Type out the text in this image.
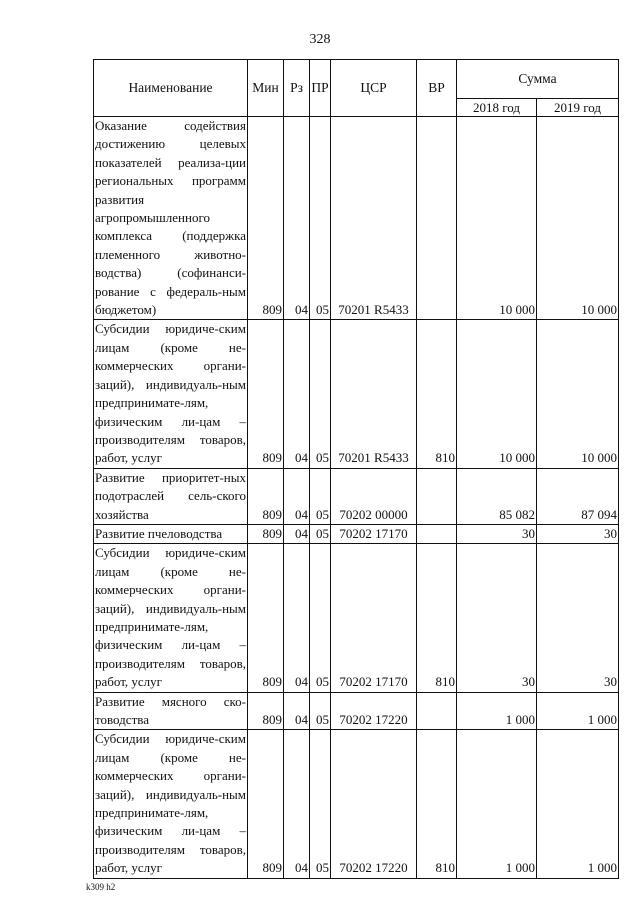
328
Наименование	Мин	Рз	ПР	ЦСР	ВР	Сумма	
						2018 год	2019 год
Оказание содействия достижению целевых показателей реализа-ции региональных программ развития агропромышленного комплекса (поддержка племенного животно-водства) (софинанси-рование с федераль-ным бюджетом)	809	04	05	70201 R5433		10 000	10 000
Субсидии юридиче-ским лицам (кроме не-коммерческих органи-заций), индивидуаль-ным предпринимате-лям, физическим ли-цам – производителям товаров, работ, услуг	809	04	05	70201 R5433	810	10 000	10 000
Развитие приоритет-ных подотраслей сель-ского хозяйства	809	04	05	70202 00000		85 082	87 094
Развитие пчеловодства	809	04	05	70202 17170		30	30
Субсидии юридиче-ским лицам (кроме не-коммерческих органи-заций), индивидуаль-ным предпринимате-лям, физическим ли-цам – производителям товаров, работ, услуг	809	04	05	70202 17170	810	30	30
Развитие мясного ско-товодства	809	04	05	70202 17220		1 000	1 000
Субсидии юридиче-ским лицам (кроме не-коммерческих органи-заций), индивидуаль-ным предпринимате-лям, физическим ли-цам – производителям товаров, работ, услуг	809	04	05	70202 17220	810	1 000	1 000
k309 h2
